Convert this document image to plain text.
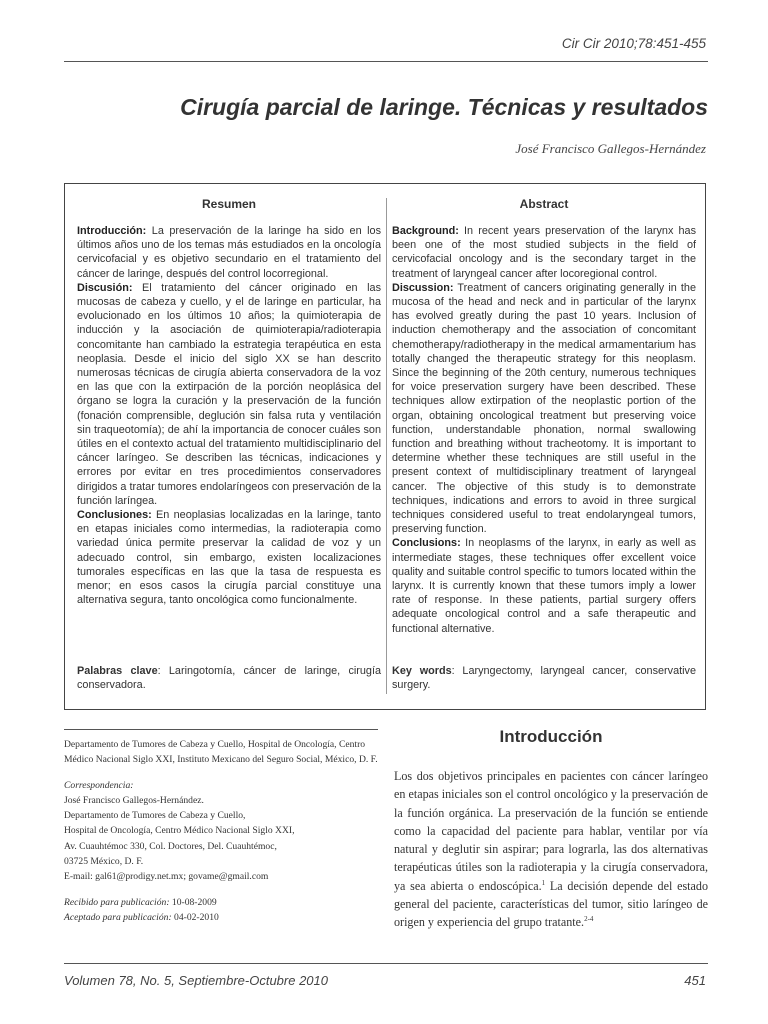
Cir Cir 2010;78:451-455
Cirugía parcial de laringe. Técnicas y resultados
José Francisco Gallegos-Hernández
Resumen

Introducción: La preservación de la laringe ha sido en los últimos años uno de los temas más estudiados en la oncología cervicofacial y es objetivo secundario en el tratamiento del cáncer de laringe, después del control locorregional.

Discusión: El tratamiento del cáncer originado en las mucosas de cabeza y cuello, y el de laringe en particular, ha evolucionado en los últimos 10 años; la quimioterapia de inducción y la asociación de quimioterapia/radioterapia concomitante han cambiado la estrategia terapéutica en esta neoplasia. Desde el inicio del siglo XX se han descrito numerosas técnicas de cirugía abierta conservadora de la voz en las que con la extirpación de la porción neoplásica del órgano se logra la curación y la preservación de la función (fonación comprensible, deglución sin falsa ruta y ventilación sin traqueotomía); de ahí la importancia de conocer cuáles son útiles en el contexto actual del tratamiento multidisciplinario del cáncer laríngeo. Se describen las técnicas, indicaciones y errores por evitar en tres procedimientos conservadores dirigidos a tratar tumores endolaríngeos con preservación de la función laríngea.

Conclusiones: En neoplasias localizadas en la laringe, tanto en etapas iniciales como intermedias, la radioterapia como variedad única permite preservar la calidad de voz y un adecuado control, sin embargo, existen localizaciones tumorales específicas en las que la tasa de respuesta es menor; en esos casos la cirugía parcial constituye una alternativa segura, tanto oncológica como funcionalmente.

Palabras clave: Laringotomía, cáncer de laringe, cirugía conservadora.
Abstract

Background: In recent years preservation of the larynx has been one of the most studied subjects in the field of cervicofacial oncology and is the secondary target in the treatment of laryngeal cancer after locoregional control.

Discussion: Treatment of cancers originating generally in the mucosa of the head and neck and in particular of the larynx has evolved greatly during the past 10 years. Inclusion of induction chemotherapy and the association of concomitant chemotherapy/radiotherapy in the medical armamentarium has totally changed the therapeutic strategy for this neoplasm. Since the beginning of the 20th century, numerous techniques for voice preservation surgery have been described. These techniques allow extirpation of the neoplastic portion of the organ, obtaining oncological treatment but preserving voice function, understandable phonation, normal swallowing function and breathing without tracheotomy. It is important to determine whether these techniques are still useful in the present context of multidisciplinary treatment of laryngeal cancer. The objective of this study is to demonstrate techniques, indications and errors to avoid in three surgical techniques considered useful to treat endolaryngeal tumors, preserving function.

Conclusions: In neoplasms of the larynx, in early as well as intermediate stages, these techniques offer excellent voice quality and suitable control specific to tumors located within the larynx. It is currently known that these tumors imply a lower rate of response. In these patients, partial surgery offers adequate oncological control and a safe therapeutic and functional alternative.

Key words: Laryngectomy, laryngeal cancer, conservative surgery.

Departamento de Tumores de Cabeza y Cuello, Hospital de Oncología, Centro Médico Nacional Siglo XXI, Instituto Mexicano del Seguro Social, México, D. F.

Correspondencia:
José Francisco Gallegos-Hernández.
Departamento de Tumores de Cabeza y Cuello,
Hospital de Oncología, Centro Médico Nacional Siglo XXI,
Av. Cuauhtémoc 330, Col. Doctores, Del. Cuauhtémoc,
03725 México, D. F.
E-mail: gal61@prodigy.net.mx; govame@gmail.com

Recibido para publicación: 10-08-2009
Aceptado para publicación: 04-02-2010

Introducción

Los dos objetivos principales en pacientes con cáncer laríngeo en etapas iniciales son el control oncológico y la preservación de la función orgánica. La preservación de la función se entiende como la capacidad del paciente para hablar, ventilar por vía natural y deglutir sin aspirar; para lograrla, las dos alternativas terapéuticas útiles son la radioterapia y la cirugía conservadora, ya sea abierta o endoscópica.$^1$ La decisión depende del estado general del paciente, características del tumor, sitio laríngeo de origen y experiencia del grupo tratante.$^{2-4}$

Volumen 78, No. 5, Septiembre-Octubre 2010	451
